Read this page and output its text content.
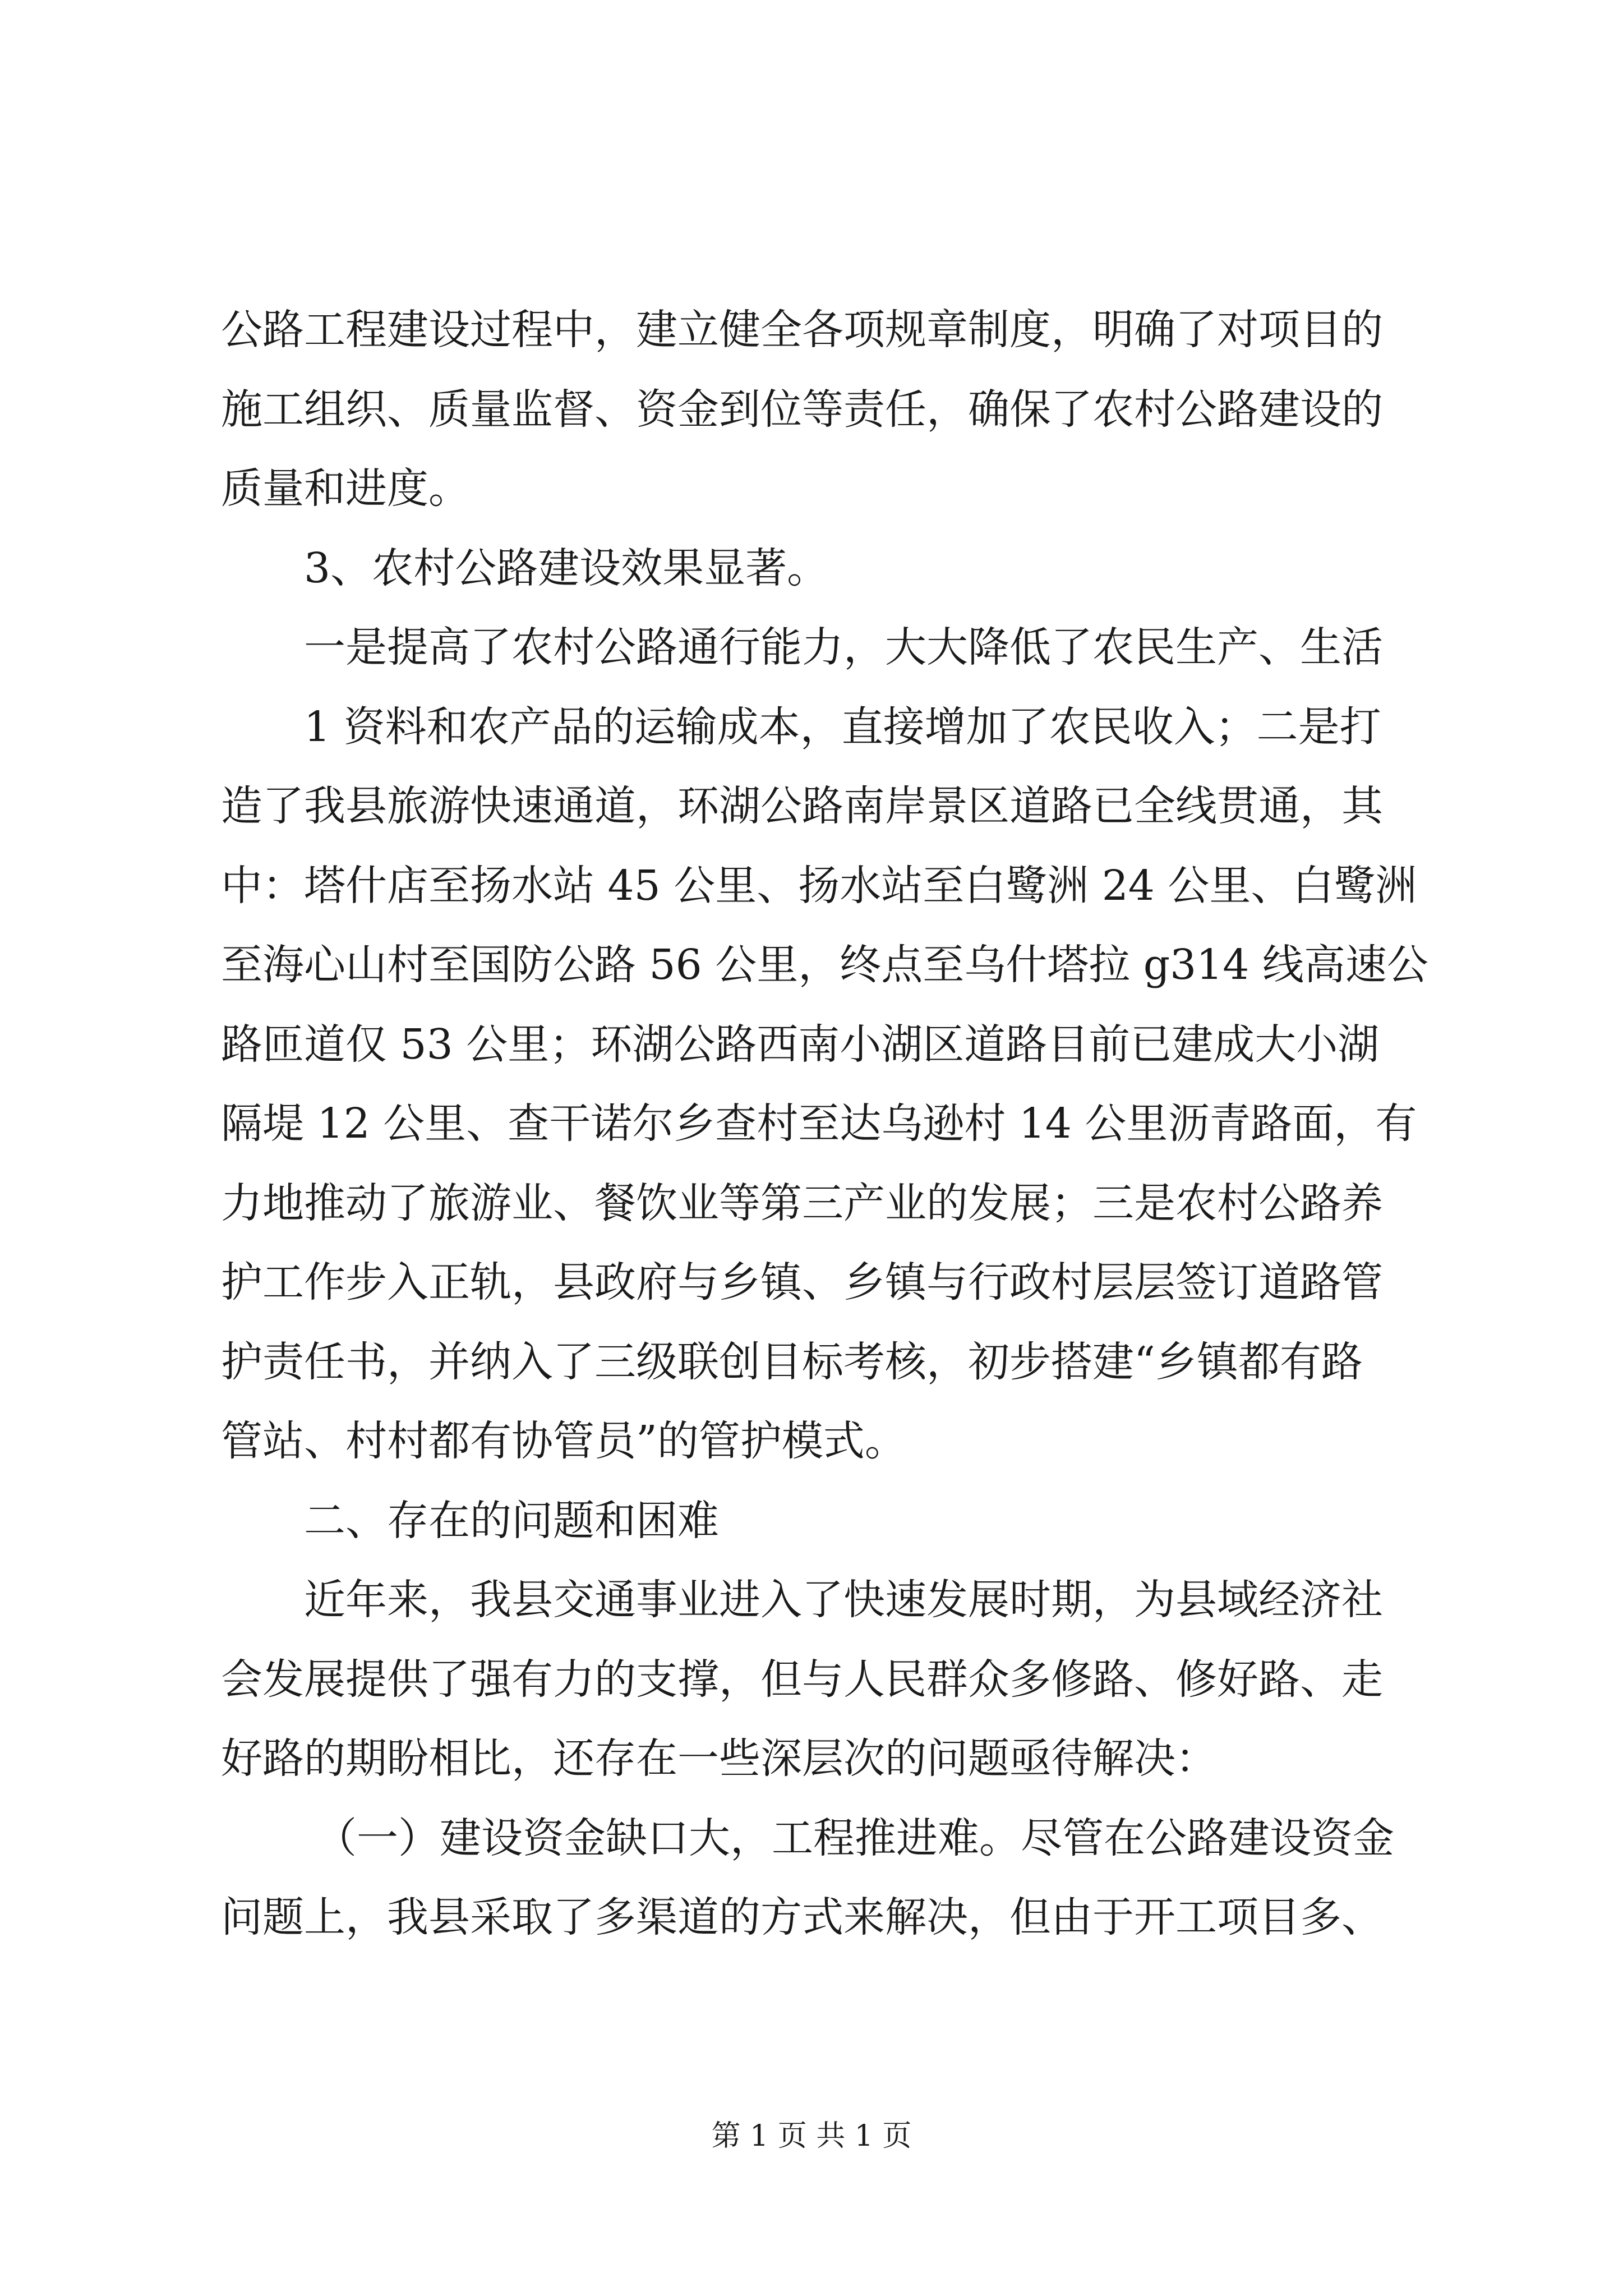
公路工程建设过程中，建立健全各项规章制度，明确了对项目的
施工组织、质量监督、资金到位等责任，确保了农村公路建设的
质量和进度。
3、农村公路建设效果显著。
一是提高了农村公路通行能力，大大降低了农民生产、生活
1 资料和农产品的运输成本，直接增加了农民收入；二是打
造了我县旅游快速通道，环湖公路南岸景区道路已全线贯通，其
中：塔什店至扬水站 45 公里、扬水站至白鹭洲 24 公里、白鹭洲
至海心山村至国防公路 56 公里，终点至乌什塔拉 g314 线高速公
路匝道仅 53 公里；环湖公路西南小湖区道路目前已建成大小湖
隔堤 12 公里、查干诺尔乡查村至达乌逊村 14 公里沥青路面，有
力地推动了旅游业、餐饮业等第三产业的发展；三是农村公路养
护工作步入正轨，县政府与乡镇、乡镇与行政村层层签订道路管
护责任书，并纳入了三级联创目标考核，初步搭建“乡镇都有路
管站、村村都有协管员”的管护模式。
二、存在的问题和困难
近年来，我县交通事业进入了快速发展时期，为县域经济社
会发展提供了强有力的支撑，但与人民群众多修路、修好路、走
好路的期盼相比，还存在一些深层次的问题亟待解决：
（一）建设资金缺口大，工程推进难。尽管在公路建设资金
问题上，我县采取了多渠道的方式来解决，但由于开工项目多、
第 1 页 共 1 页
